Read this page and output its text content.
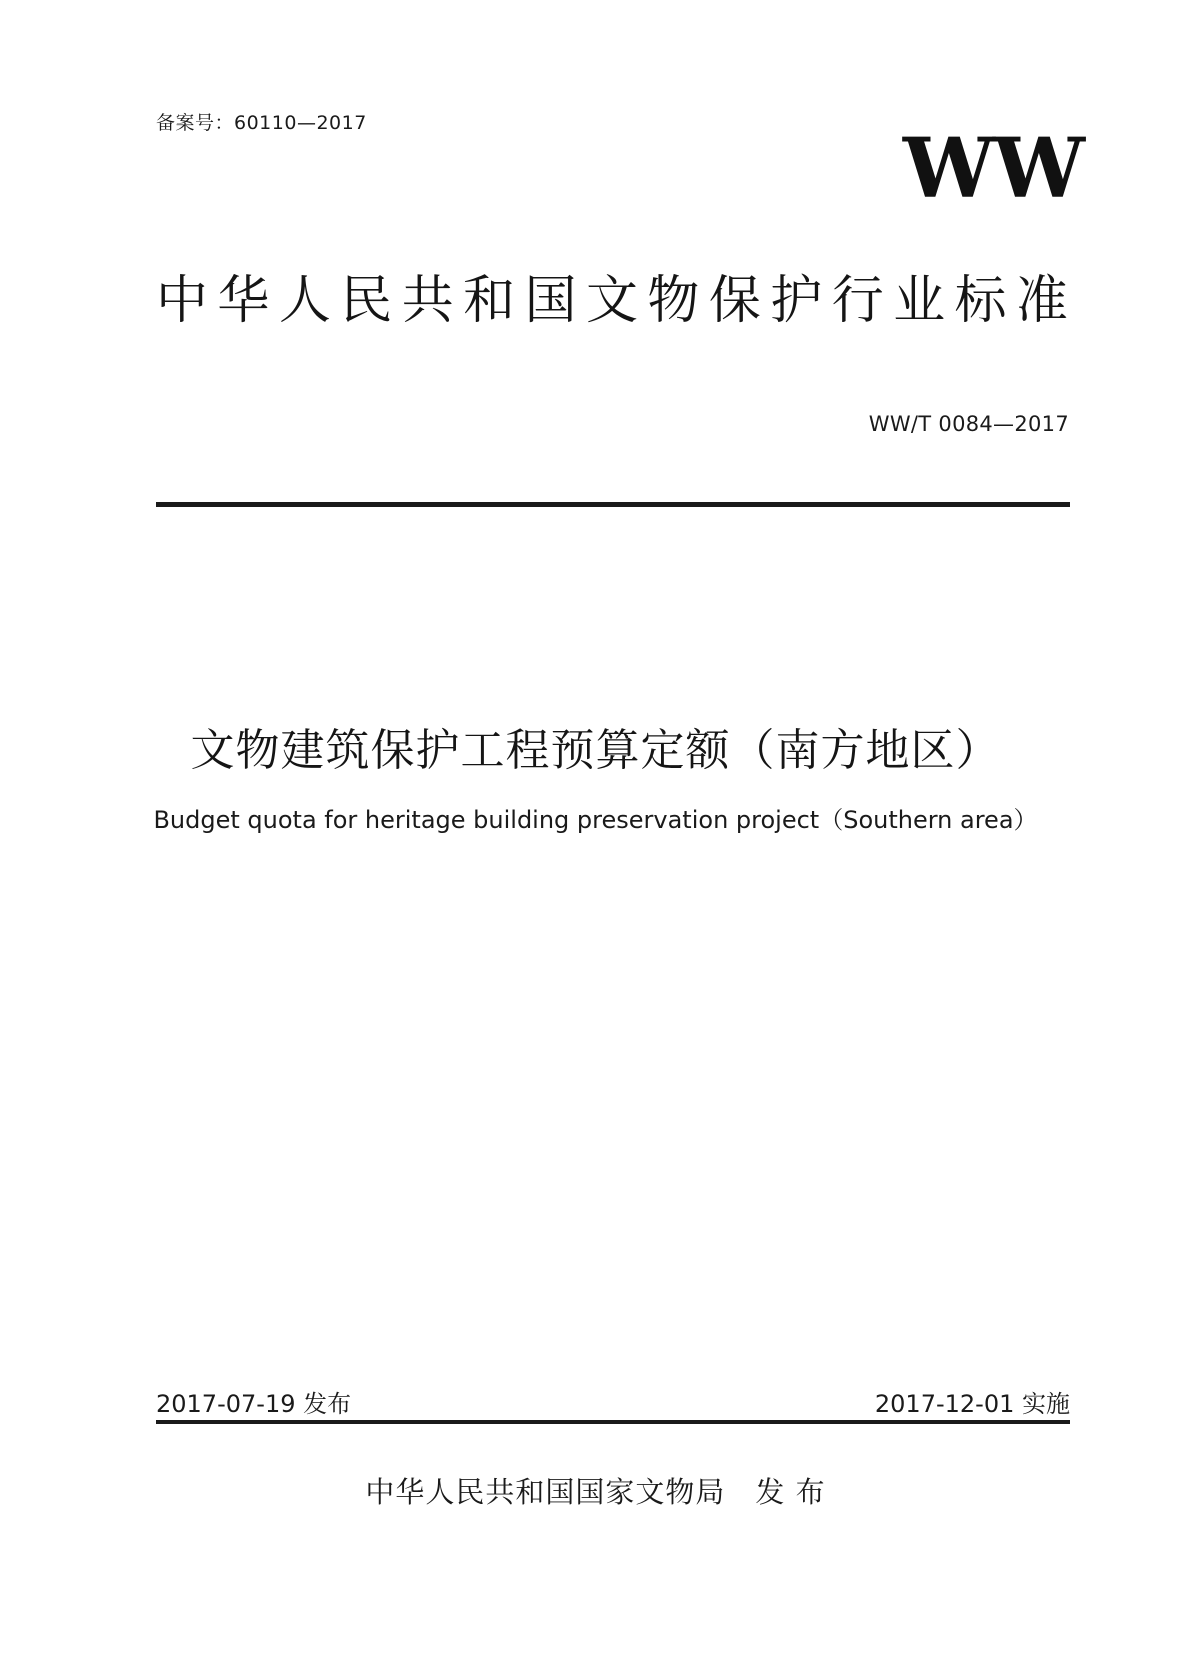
备案号：60110—2017	WW
中华人民共和国文物保护行业标准
WW/T 0084—2017
文物建筑保护工程预算定额（南方地区）
Budget quota for heritage building preservation project（Southern area）
2017-07-19 发布	2017-12-01 实施
中华人民共和国国家文物局　发 布
